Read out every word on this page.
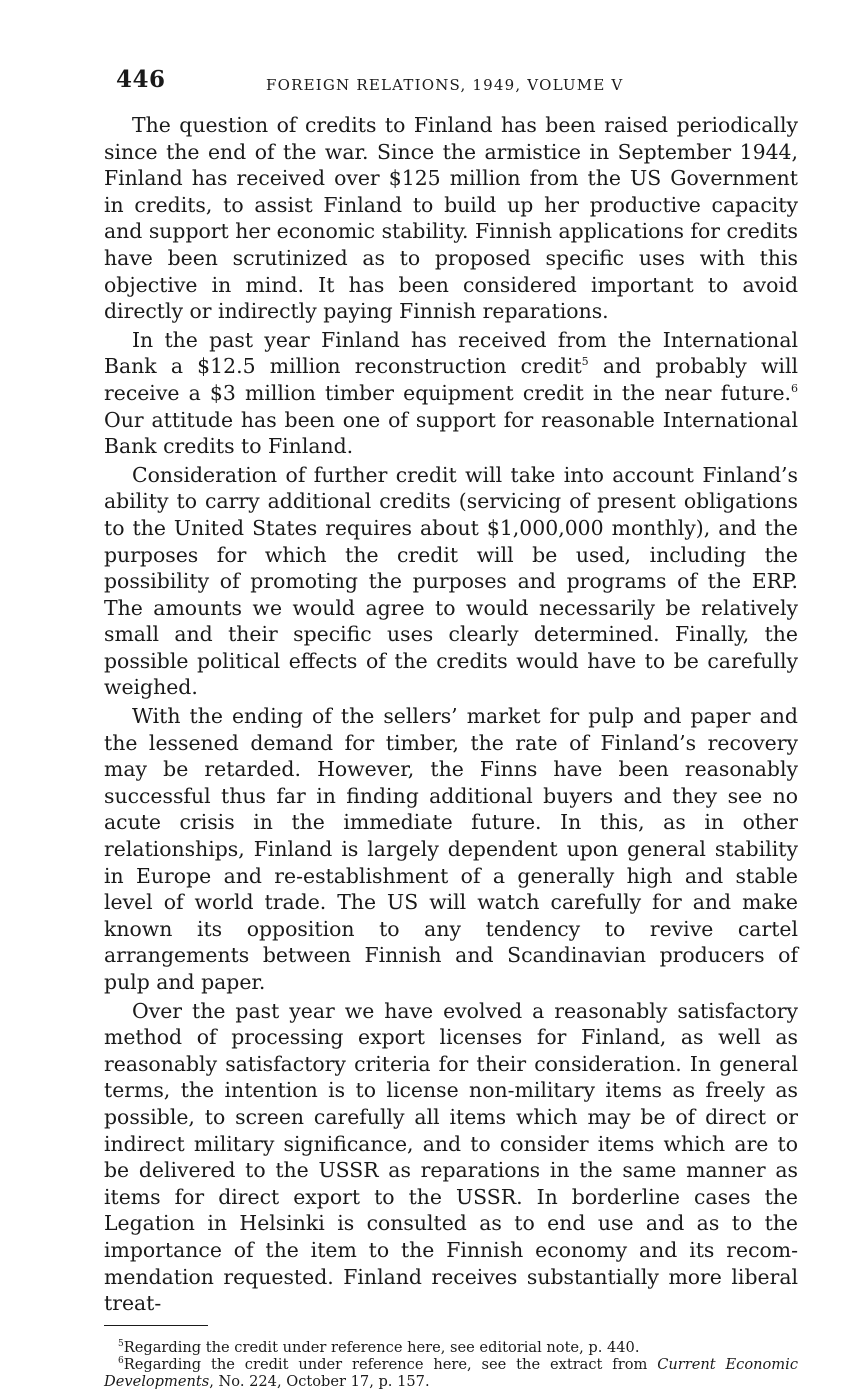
446	FOREIGN RELATIONS, 1949, VOLUME V

The question of credits to Finland has been raised periodically since the end of the war. Since the armistice in September 1944, Finland has received over $125 million from the US Government in credits, to assist Finland to build up her productive capacity and support her economic stability. Finnish applications for credits have been scrutinized as to proposed specific uses with this objective in mind. It has been considered important to avoid directly or indirectly paying Finnish reparations.

In the past year Finland has received from the International Bank a $12.5 million reconstruction credit$^5$ and probably will receive a $3 million timber equipment credit in the near future.$^6$ Our attitude has been one of support for reasonable International Bank credits to Finland.

Consideration of further credit will take into account Finland’s ability to carry additional credits (servicing of present obligations to the United States requires about $1,000,000 monthly), and the purposes for which the credit will be used, including the possibility of promoting the purposes and programs of the ERP. The amounts we would agree to would necessarily be relatively small and their specific uses clearly determined. Finally, the possible political effects of the credits would have to be carefully weighed.

With the ending of the sellers’ market for pulp and paper and the lessened demand for timber, the rate of Finland’s recovery may be retarded. However, the Finns have been reasonably successful thus far in finding additional buyers and they see no acute crisis in the immediate future. In this, as in other relationships, Finland is largely dependent upon general stability in Europe and re-establishment of a generally high and stable level of world trade. The US will watch carefully for and make known its opposition to any tendency to revive cartel arrangements between Finnish and Scandinavian producers of pulp and paper.

Over the past year we have evolved a reasonably satisfactory method of processing export licenses for Finland, as well as reasonably satisfactory criteria for their consideration. In general terms, the intention is to license non-military items as freely as possible, to screen carefully all items which may be of direct or indirect military significance, and to consider items which are to be delivered to the USSR as reparations in the same manner as items for direct export to the USSR. In borderline cases the Legation in Helsinki is consulted as to end use and as to the importance of the item to the Finnish economy and its recommendation requested. Finland receives substantially more liberal treat-

$^5$Regarding the credit under reference here, see editorial note, p. 440.

$^6$Regarding the credit under reference here, see the extract from Current Economic Developments, No. 224, October 17, p. 157.
